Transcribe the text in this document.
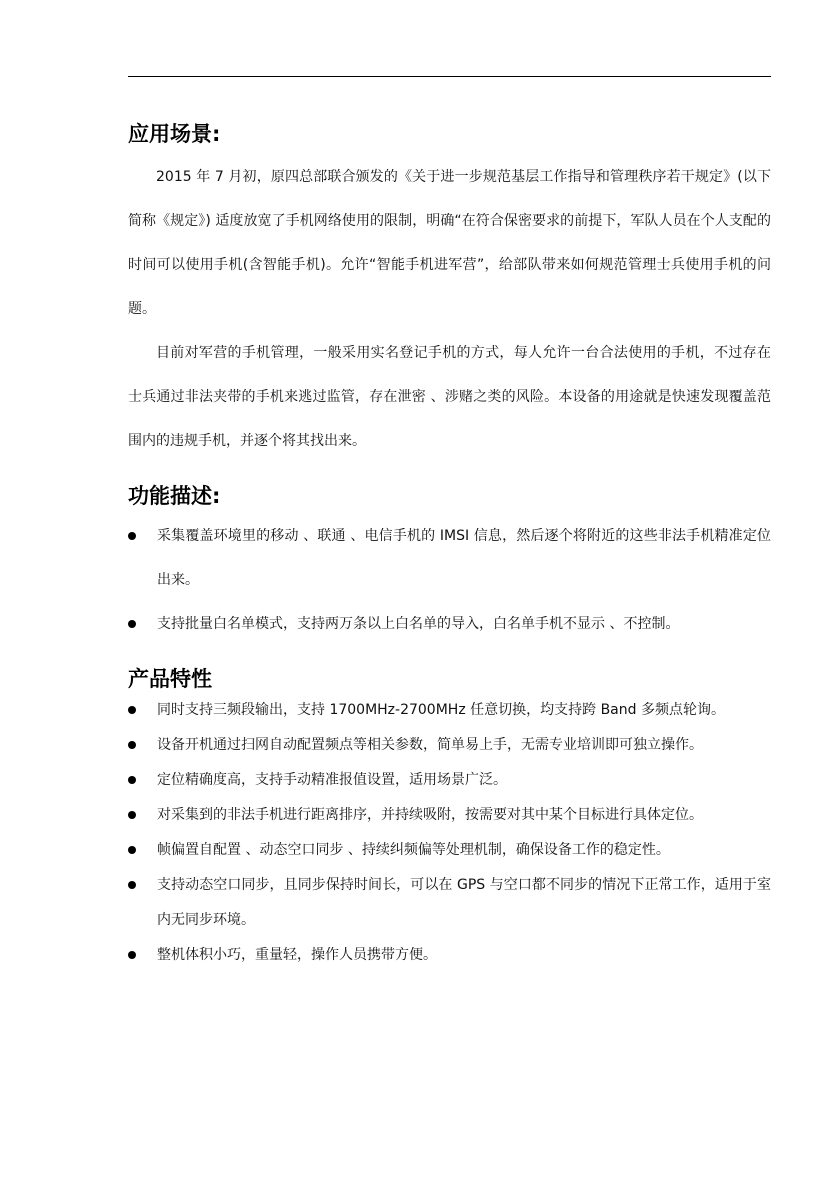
应用场景:

2015 年 7 月初，原四总部联合颁发的《关于进一步规范基层工作指导和管理秩序若干规定》(以下简称《规定》) 适度放宽了手机网络使用的限制，明确“在符合保密要求的前提下，军队人员在个人支配的时间可以使用手机(含智能手机)。允许“智能手机进军营”，给部队带来如何规范管理士兵使用手机的问题。

目前对军营的手机管理，一般采用实名登记手机的方式，每人允许一台合法使用的手机，不过存在士兵通过非法夹带的手机来逃过监管，存在泄密 、涉赌之类的风险。本设备的用途就是快速发现覆盖范围内的违规手机，并逐个将其找出来。

功能描述:
采集覆盖环境里的移动 、联通 、电信手机的 IMSI 信息，然后逐个将附近的这些非法手机精准定位出来。
支持批量白名单模式，支持两万条以上白名单的导入，白名单手机不显示 、不控制。
产品特性
同时支持三频段输出，支持 1700MHz-2700MHz 任意切换，均支持跨 Band 多频点轮询。
设备开机通过扫网自动配置频点等相关参数，简单易上手，无需专业培训即可独立操作。
定位精确度高，支持手动精准报值设置，适用场景广泛。
对采集到的非法手机进行距离排序，并持续吸附，按需要对其中某个目标进行具体定位。
帧偏置自配置 、动态空口同步 、持续纠频偏等处理机制，确保设备工作的稳定性。
支持动态空口同步，且同步保持时间长，可以在 GPS 与空口都不同步的情况下正常工作，适用于室内无同步环境。
整机体积小巧，重量轻，操作人员携带方便。
